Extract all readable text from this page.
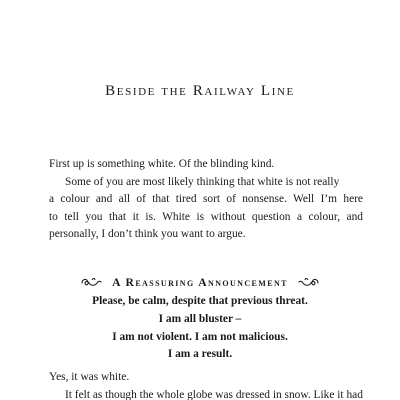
Beside the Railway Line
First up is something white. Of the blinding kind.
Some of you are most likely thinking that white is not really
a colour and all of that tired sort of nonsense. Well I’m here
to tell you that it is. White is without question a colour, and
personally, I don’t think you want to argue.
A Reassuring Announcement
Please, be calm, despite that previous threat.
I am all bluster –
I am not violent. I am not malicious.
I am a result.
Yes, it was white.
It felt as though the whole globe was dressed in snow. Like it had
